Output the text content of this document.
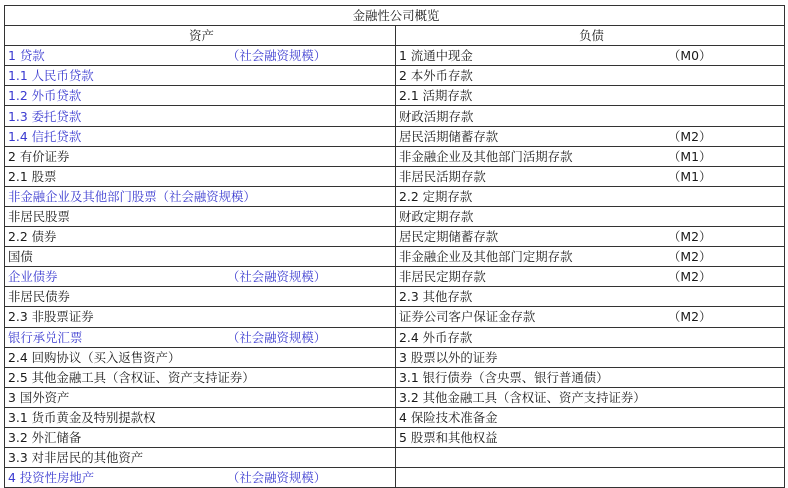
金融性公司概览	
资产	负债
1 贷款 （社会融资规模）	1 流通中现金 （M0）

1.1 人民币贷款	2 本外币存款
1.2 外币贷款	2.1 活期存款
1.3 委托贷款	财政活期存款
1.4 信托贷款	居民活期储蓄存款 （M2）

2 有价证券	非金融企业及其他部门活期存款 （M1）

2.1 股票	非居民活期存款 （M1）

非金融企业及其他部门股票（社会融资规模）	2.2 定期存款
非居民股票	财政定期存款
2.2 债券	居民定期储蓄存款 （M2）

国债	非金融企业及其他部门定期存款 （M2）

企业债券 （社会融资规模）	非居民定期存款 （M2）

非居民债券	2.3 其他存款
2.3 非股票证券	证券公司客户保证金存款 （M2）

银行承兑汇票 （社会融资规模）	2.4 外币存款
2.4 回购协议（买入返售资产）	3 股票以外的证券
2.5 其他金融工具（含权证、资产支持证券）	3.1 银行债券（含央票、银行普通债）
3 国外资产	3.2 其他金融工具（含权证、资产支持证券）
3.1 货币黄金及特别提款权	4 保险技术准备金
3.2 外汇储备	5 股票和其他权益
3.3 对非居民的其他资产	
4 投资性房地产 （社会融资规模）	
